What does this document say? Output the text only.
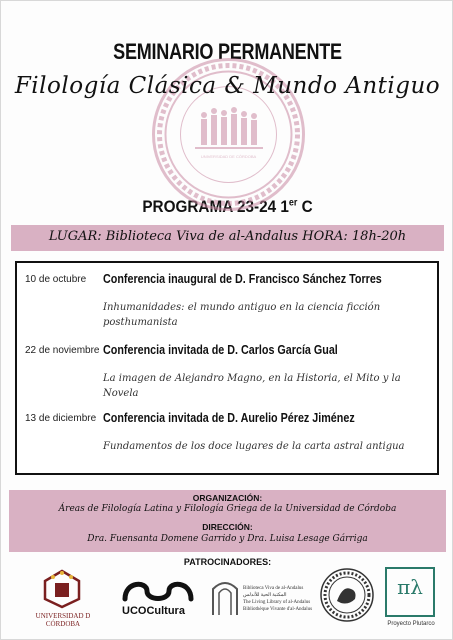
UNIVERSIDAD DE CÓRDOBA
SEMINARIO PERMANENTE
Filología Clásica & Mundo Antiguo
PROGRAMA 23-24 1er C
LUGAR: Biblioteca Viva de al-Andalus HORA: 18h-20h
10 de octubre Conferencia inaugural de D. Francisco Sánchez Torres
Inhumanidades: el mundo antiguo en la ciencia ficción posthumanista
22 de noviembre Conferencia invitada de D. Carlos García Gual
La imagen de Alejandro Magno, en la Historia, el Mito y la Novela
13 de diciembre Conferencia invitada de D. Aurelio Pérez Jiménez
Fundamentos de los doce lugares de la carta astral antigua
ORGANIZACIÓN:
Áreas de Filología Latina y Filología Griega de la Universidad de Córdoba
DIRECCIÓN:
Dra. Fuensanta Domene Garrido y Dra. Luisa Lesage Gárriga
PATROCINADORES:
UNIVERSIDAD D CÓRDOBA
UCOCultura
Biblioteca Viva de al-Andalus
المكتبة الحية للأندلس
The Living Library of al-Andalus
Bibliothèque Vivante d'al-Andalus
πλ
Proyecto Plutarco
